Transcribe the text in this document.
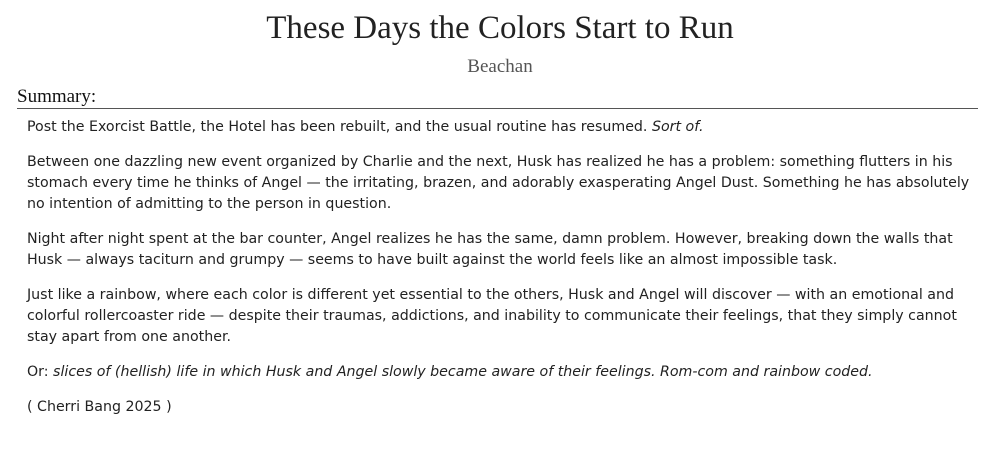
These Days the Colors Start to Run
Beachan
Summary:

Post the Exorcist Battle, the Hotel has been rebuilt, and the usual routine has resumed. Sort of.

Between one dazzling new event organized by Charlie and the next, Husk has realized he has a problem: something flutters in his stomach every time he thinks of Angel — the irritating, brazen, and adorably exasperating Angel Dust. Something he has absolutely no intention of admitting to the person in question.

Night after night spent at the bar counter, Angel realizes he has the same, damn problem. However, breaking down the walls that Husk — always taciturn and grumpy — seems to have built against the world feels like an almost impossible task.

Just like a rainbow, where each color is different yet essential to the others, Husk and Angel will discover — with an emotional and colorful rollercoaster ride — despite their traumas, addictions, and inability to communicate their feelings, that they simply cannot stay apart from one another.

Or: slices of (hellish) life in which Husk and Angel slowly became aware of their feelings. Rom-com and rainbow coded.

( Cherri Bang 2025 )
